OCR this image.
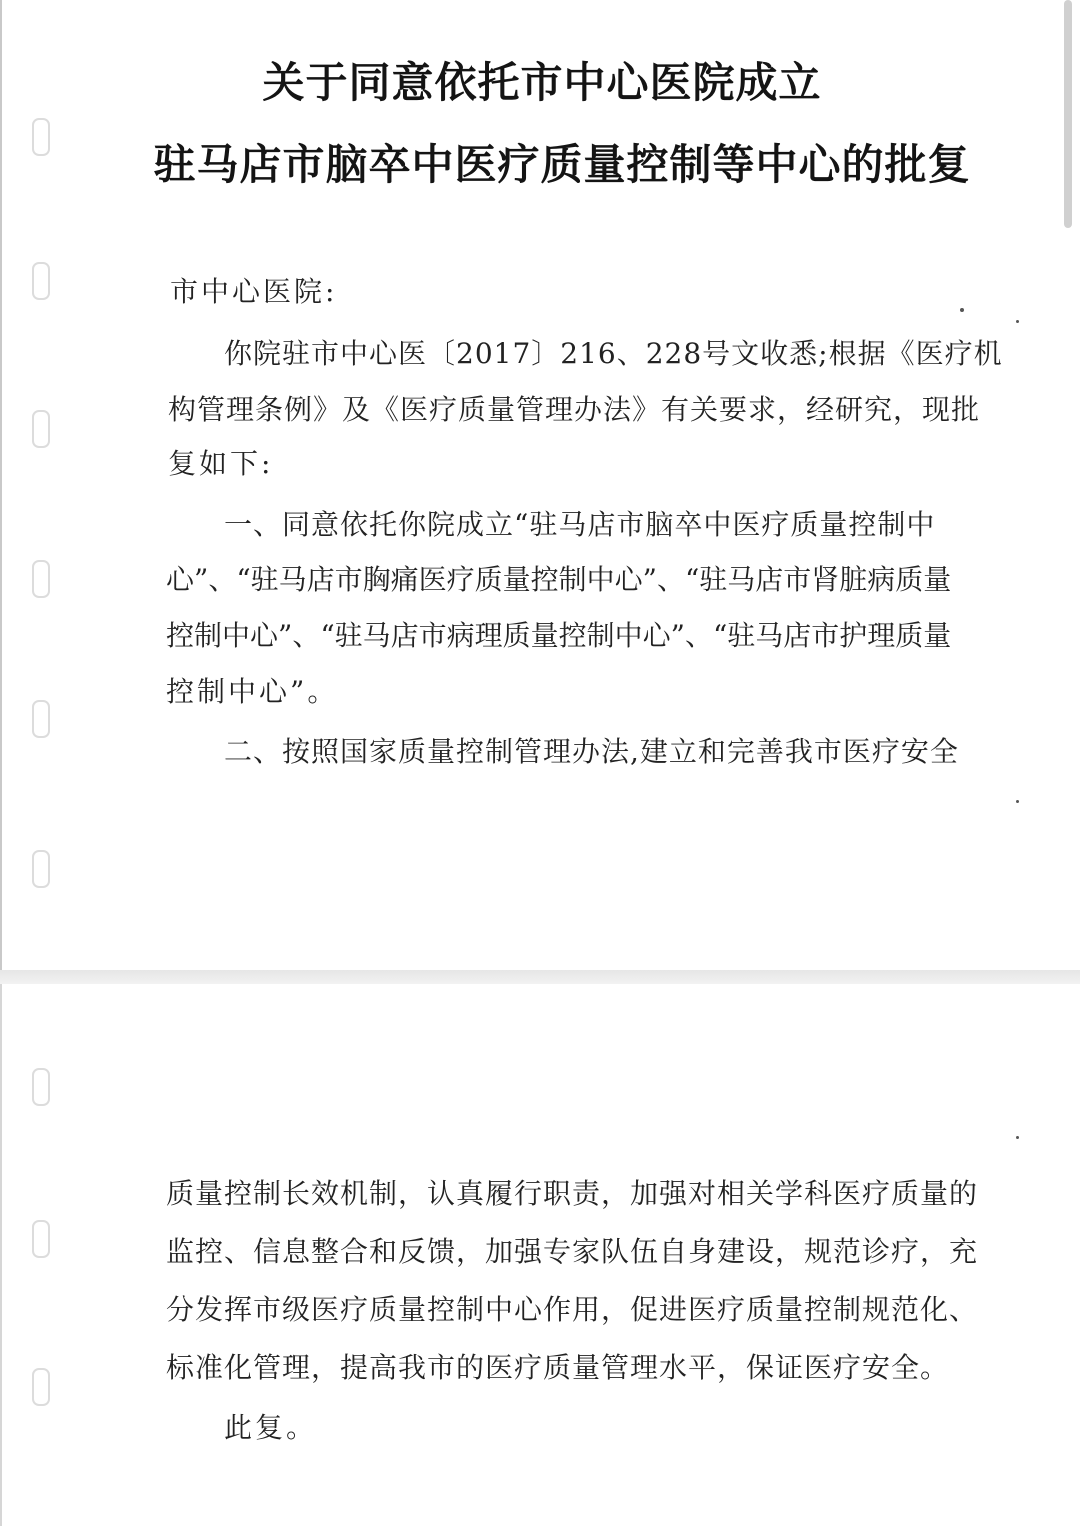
关于同意依托市中心医院成立
驻马店市脑卒中医疗质量控制等中心的批复
市中心医院:
你院驻市中心医〔2017〕216、228号文收悉;根据《医疗机
构管理条例》及《医疗质量管理办法》有关要求，经研究，现批
复如下:
一、同意依托你院成立“驻马店市脑卒中医疗质量控制中
心”、“驻马店市胸痛医疗质量控制中心”、“驻马店市肾脏病质量
控制中心”、“驻马店市病理质量控制中心”、“驻马店市护理质量
控制中心”。
二、按照国家质量控制管理办法,建立和完善我市医疗安全
质量控制长效机制，认真履行职责，加强对相关学科医疗质量的
监控、信息整合和反馈，加强专家队伍自身建设，规范诊疗，充
分发挥市级医疗质量控制中心作用，促进医疗质量控制规范化、
标准化管理，提高我市的医疗质量管理水平，保证医疗安全。
此复。
